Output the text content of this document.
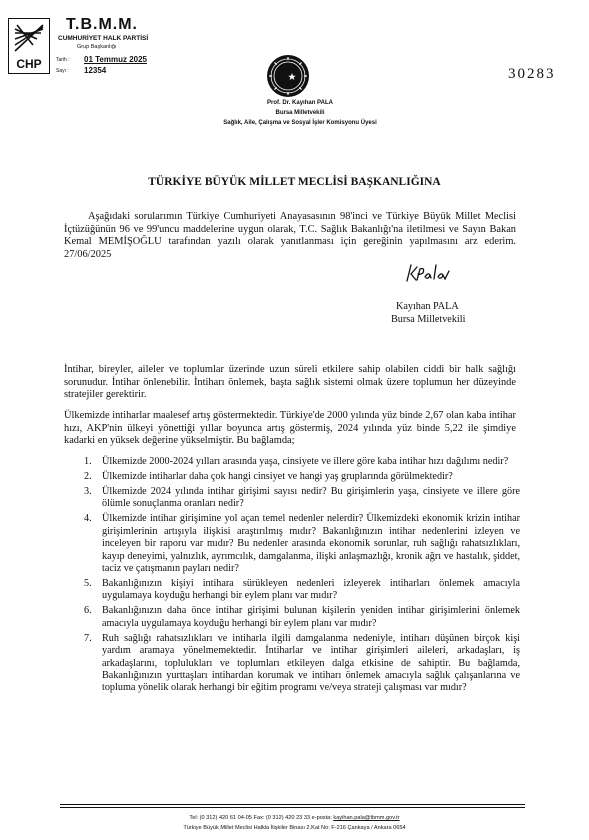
CHP
T.B.M.M.
CUMHURİYET HALK PARTİSİ
Grup Başkanlığı
Tarih : 01 Temmuz 2025
Sayı : 12354	30283
Prof. Dr. Kayıhan PALA
Bursa Milletvekili
Sağlık, Aile, Çalışma ve Sosyal İşler Komisyonu Üyesi
TÜRKİYE BÜYÜK MİLLET MECLİSİ BAŞKANLIĞINA

Aşağıdaki sorularımın Türkiye Cumhuriyeti Anayasasının 98'inci ve Türkiye Büyük Millet Meclisi İçtüzüğünün 96 ve 99'uncu maddelerine uygun olarak, T.C. Sağlık Bakanlığı'na iletilmesi ve Sayın Bakan Kemal MEMİŞOĞLU tarafından yazılı olarak yanıtlanması için gereğinin yapılmasını arz ederim. 27/06/2025

Kayıhan PALA
Bursa Milletvekili

İntihar, bireyler, aileler ve toplumlar üzerinde uzun süreli etkilere sahip olabilen ciddi bir halk sağlığı sorunudur. İntihar önlenebilir. İntiharı önlemek, başta sağlık sistemi olmak üzere toplumun her düzeyinde stratejiler gerektirir.

Ülkemizde intiharlar maalesef artış göstermektedir. Türkiye'de 2000 yılında yüz binde 2,67 olan kaba intihar hızı, AKP'nin ülkeyi yönettiği yıllar boyunca artış göstermiş, 2024 yılında yüz binde 5,22 ile şimdiye kadarki en yüksek değerine yükselmiştir. Bu bağlamda;

1. Ülkemizde 2000-2024 yılları arasında yaşa, cinsiyete ve illere göre kaba intihar hızı dağılımı nedir?
2. Ülkemizde intiharlar daha çok hangi cinsiyet ve hangi yaş gruplarında görülmektedir?
3. Ülkemizde 2024 yılında intihar girişimi sayısı nedir? Bu girişimlerin yaşa, cinsiyete ve illere göre ölümle sonuçlanma oranları nedir?
4. Ülkemizde intihar girişimine yol açan temel nedenler nelerdir? Ülkemizdeki ekonomik krizin intihar girişimlerinin artışıyla ilişkisi araştırılmış mıdır? Bakanlığınızın intihar nedenlerini izleyen ve inceleyen bir raporu var mıdır? Bu nedenler arasında ekonomik sorunlar, ruh sağlığı rahatsızlıkları, kayıp deneyimi, yalnızlık, ayrımcılık, damgalanma, ilişki anlaşmazlığı, kronik ağrı ve hastalık, şiddet, taciz ve çatışmanın payları nedir?
5. Bakanlığınızın kişiyi intihara sürükleyen nedenleri izleyerek intiharları önlemek amacıyla uygulamaya koyduğu herhangi bir eylem planı var mıdır?
6. Bakanlığınızın daha önce intihar girişimi bulunan kişilerin yeniden intihar girişimlerini önlemek amacıyla uygulamaya koyduğu herhangi bir eylem planı var mıdır?
7. Ruh sağlığı rahatsızlıkları ve intiharla ilgili damgalanma nedeniyle, intiharı düşünen birçok kişi yardım aramaya yönelmemektedir. İntiharlar ve intihar girişimleri aileleri, arkadaşları, iş arkadaşlarını, toplulukları ve toplumları etkileyen dalga etkisine de sahiptir. Bu bağlamda, Bakanlığınızın yurttaşları intihardan korumak ve intiharı önlemek amacıyla sağlık çalışanlarına ve topluma yönelik olarak herhangi bir eğitim programı ve/veya strateji çalışması var mıdır?
Tel: (0 312) 420 61 04-05 Fax: (0 312) 420 23 33 e-posta: kayihan.pala@tbmm.gov.tr
Türkiye Büyük Millet Meclisi Halkla İlişkiler Binası 2.Kat No: F-216 Çankaya / Ankara 0654
